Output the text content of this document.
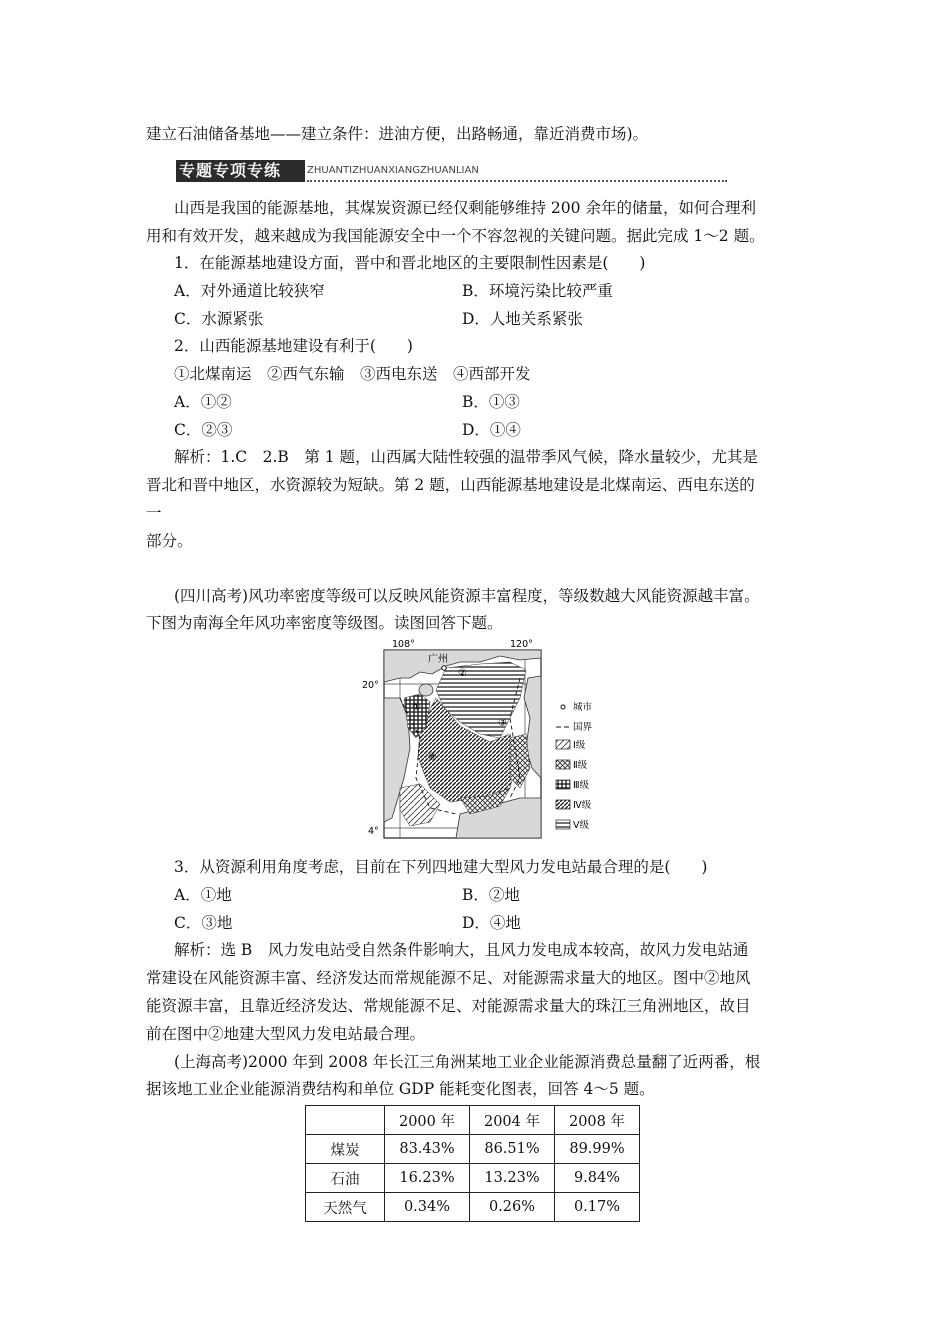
建立石油储备基地——建立条件：进油方便，出路畅通，靠近消费市场)。
专题专项专练	ZHUANTIZHUANXIANGZHUANLIAN
山西是我国的能源基地，其煤炭资源已经仅剩能够维持 200 余年的储量，如何合理利
用和有效开发，越来越成为我国能源安全中一个不容忽视的关键问题。据此完成 1～2 题。
1．在能源基地建设方面，晋中和晋北地区的主要限制性因素是(　　)
A．对外通道比较狭窄	B．环境污染比较严重
C．水源紧张	D．人地关系紧张
2．山西能源基地建设有利于(　　)
①北煤南运　②西气东输　③西电东送　④西部开发
A．①②	B．①③
C．②③	D．①④
解析：1.C　2.B　第 1 题，山西属大陆性较强的温带季风气候，降水量较少，尤其是
晋北和晋中地区，水资源较为短缺。第 2 题，山西能源基地建设是北煤南运、西电东送的
一
部分。
(四川高考)风功率密度等级可以反映风能资源丰富程度，等级数越大风能资源越丰富。
下图为南海全年风功率密度等级图。读图回答下题。
广州
①
②
③
④
108°	120°
20°
4°
城市
国界
Ⅰ级
Ⅱ级
Ⅲ级
Ⅳ级
Ⅴ级
3．从资源利用角度考虑，目前在下列四地建大型风力发电站最合理的是(　　)
A．①地	B．②地
C．③地	D．④地
解析：选 B　风力发电站受自然条件影响大，且风力发电成本较高，故风力发电站通
常建设在风能资源丰富、经济发达而常规能源不足、对能源需求量大的地区。图中②地风
能资源丰富，且靠近经济发达、常规能源不足、对能源需求量大的珠江三角洲地区，故目
前在图中②地建大型风力发电站最合理。
(上海高考)2000 年到 2008 年长江三角洲某地工业企业能源消费总量翻了近两番，根
据该地工业企业能源消费结构和单位 GDP 能耗变化图表，回答 4～5 题。
	2000 年	2004 年	2008 年
煤炭	83.43%	86.51%	89.99%
石油	16.23%	13.23%	9.84%
天然气	0.34%	0.26%	0.17%
